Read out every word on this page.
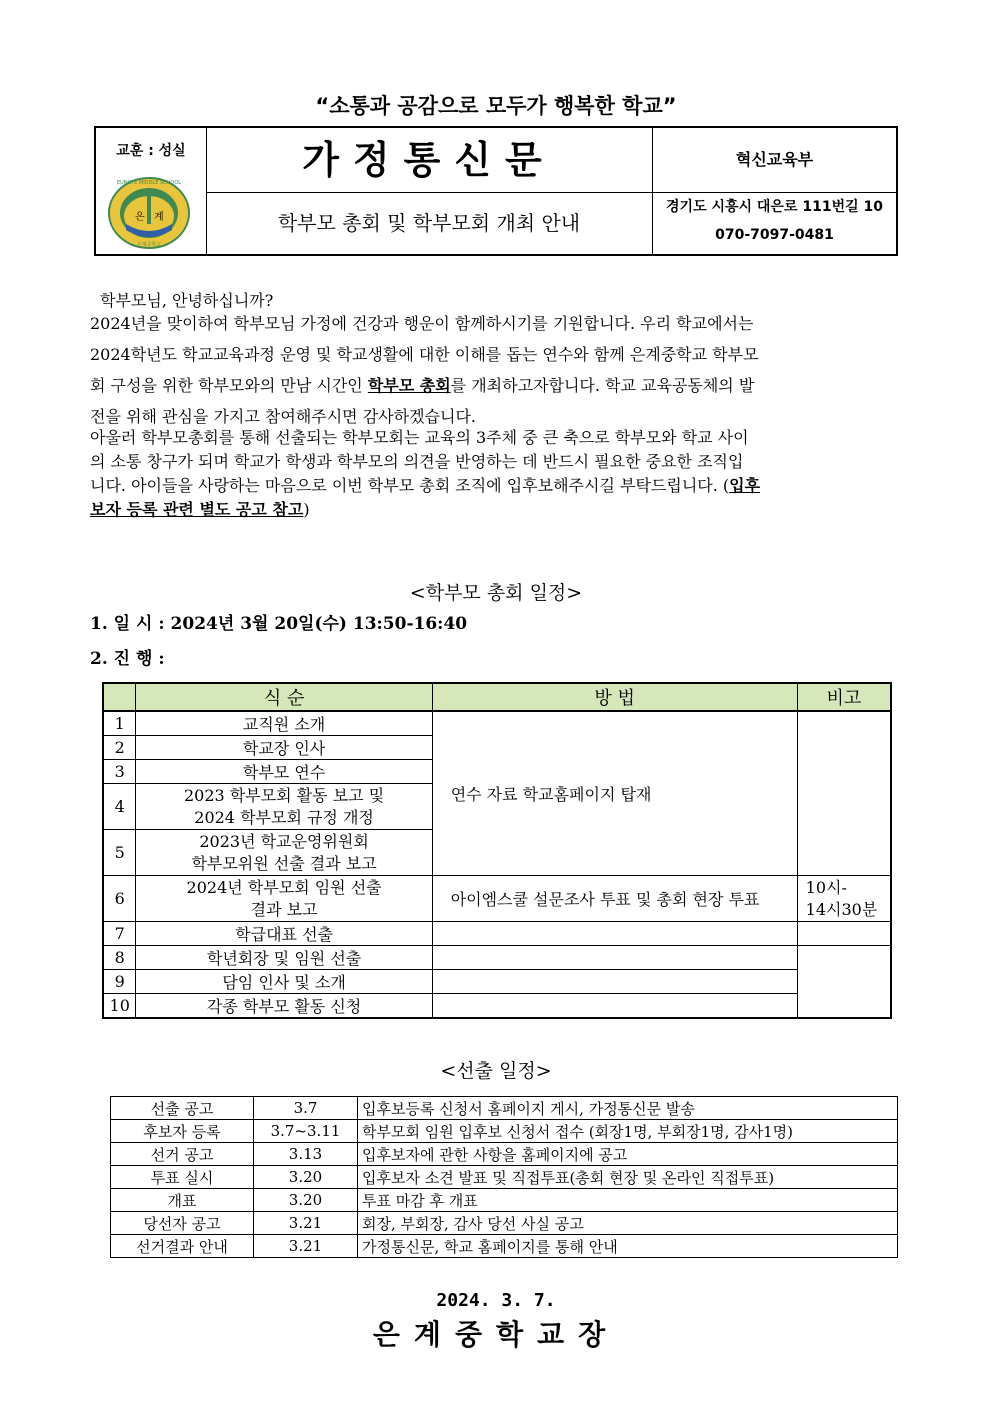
“소통과 공감으로 모두가 행복한 학교”
교훈 : 성실
은 계
EUNGYE MIDDLE SCHOOL
은계중학교
가정통신문
학부모 총회 및 학부모회 개최 안내
혁신교육부
경기도 시흥시 대은로 111번길 10
070-7097-0481
학부모님, 안녕하십니까?
2024년을 맞이하여 학부모님 가정에 건강과 행운이 함께하시기를 기원합니다. 우리 학교에서는
2024학년도 학교교육과정 운영 및 학교생활에 대한 이해를 돕는 연수와 함께 은계중학교 학부모
회 구성을 위한 학부모와의 만남 시간인 학부모 총회를 개최하고자합니다. 학교 교육공동체의 발
전을 위해 관심을 가지고 참여해주시면 감사하겠습니다.
아울러 학부모총회를 통해 선출되는 학부모회는 교육의 3주체 중 큰 축으로 학부모와 학교 사이
의 소통 창구가 되며 학교가 학생과 학부모의 의견을 반영하는 데 반드시 필요한 중요한 조직입
니다. 아이들을 사랑하는 마음으로 이번 학부모 총회 조직에 입후보해주시길 부탁드립니다. (입후
보자 등록 관련 별도 공고 참고)
<학부모 총회 일정>
1. 일 시 : 2024년 3월 20일(수) 13:50-16:40
2. 진 행 :
	식 순	방 법	비고
1	교직원 소개	연수 자료 학교홈페이지 탑재	
2	학교장 인사		
3	학부모 연수		
4	2023 학부모회 활동 보고 및
2024 학부모회 규정 개정		
5	2023년 학교운영위원회
학부모위원 선출 결과 보고		
6	2024년 학부모회 임원 선출
결과 보고	아이엠스쿨 설문조사 투표 및 총회 현장 투표	10시-
14시30분
7	학급대표 선출		
8	학년회장 및 임원 선출		
9	담임 인사 및 소개		
10	각종 학부모 활동 신청		
<선출 일정>
선출 공고	3.7	입후보등록 신청서 홈페이지 게시, 가정통신문 발송
후보자 등록	3.7~3.11	학부모회 임원 입후보 신청서 접수 (회장1명, 부회장1명, 감사1명)
선거 공고	3.13	입후보자에 관한 사항을 홈페이지에 공고
투표 실시	3.20	입후보자 소견 발표 및 직접투표(총회 현장 및 온라인 직접투표)
개표	3.20	투표 마감 후 개표
당선자 공고	3.21	회장, 부회장, 감사 당선 사실 공고
선거결과 안내	3.21	가정통신문, 학교 홈페이지를 통해 안내
2024. 3. 7.
은계중학교장
